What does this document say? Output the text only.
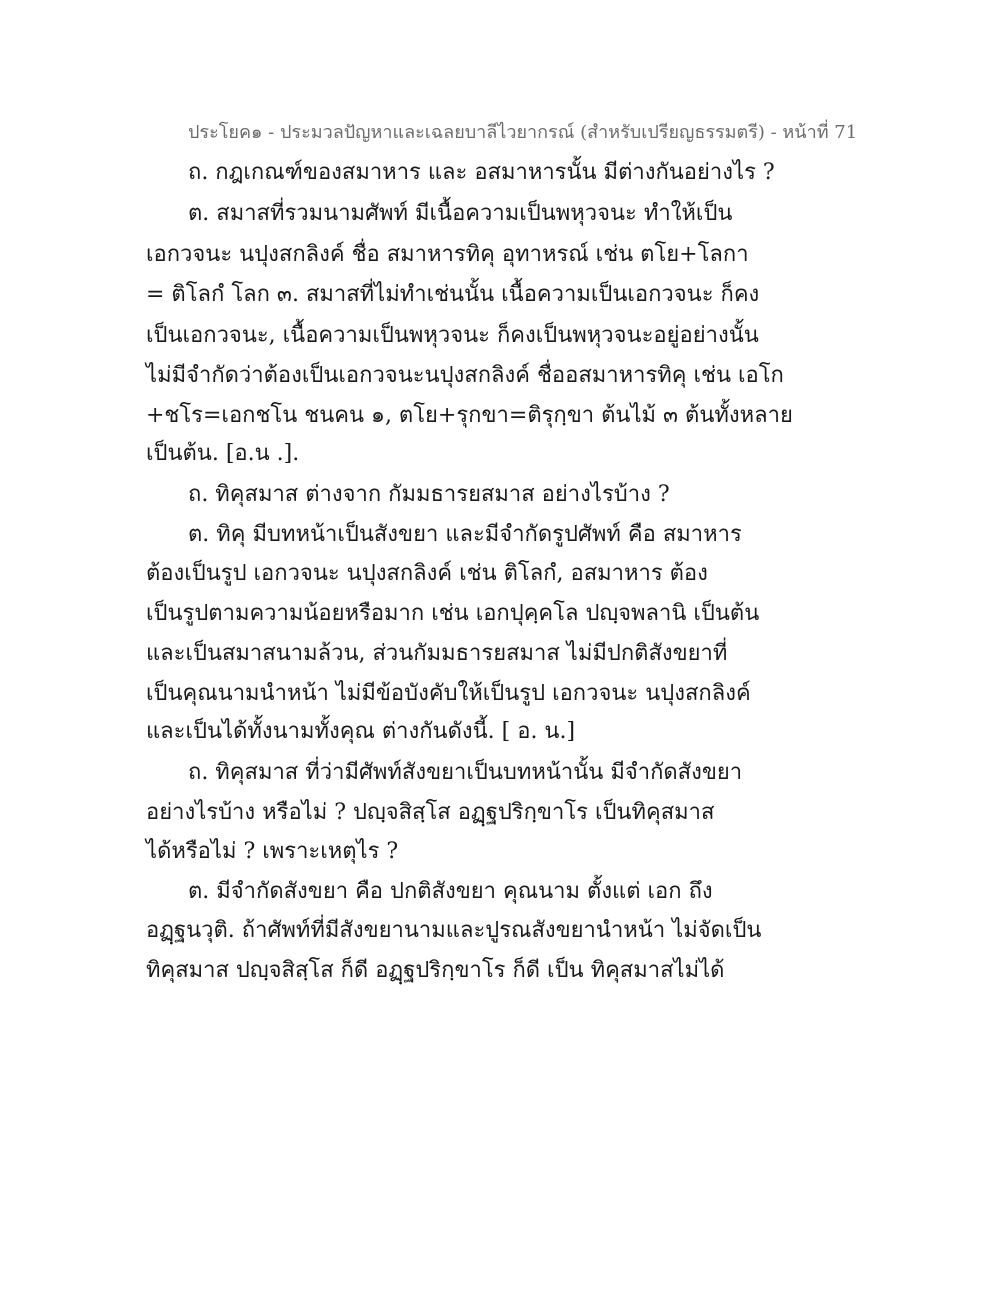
ประโยค๑ - ประมวลปัญหาและเฉลยบาลีไวยากรณ์ (สำหรับเปรียญธรรมตรี) - หน้าที่ 71
ถ. กฎเกณฑ์ของสมาหาร และ อสมาหารนั้น มีต่างกันอย่างไร ?
ต. สมาสที่รวมนามศัพท์ มีเนื้อความเป็นพหุวจนะ ทำให้เป็น
เอกวจนะ นปุงสกลิงค์ ชื่อ สมาหารทิคุ อุทาหรณ์ เช่น ตโย+โลกา
= ติโลกํ โลก ๓. สมาสที่ไม่ทำเช่นนั้น เนื้อความเป็นเอกวจนะ ก็คง
เป็นเอกวจนะ, เนื้อความเป็นพหุวจนะ ก็คงเป็นพหุวจนะอยู่อย่างนั้น
ไม่มีจำกัดว่าต้องเป็นเอกวจนะนปุงสกลิงค์ ชื่ออสมาหารทิคุ เช่น เอโก
+ชโร=เอกชโน ชนคน ๑, ตโย+รุกขา=ติรุกฺขา ต้นไม้ ๓ ต้นทั้งหลาย
เป็นต้น. [อ.น .].
ถ. ทิคุสมาส ต่างจาก กัมมธารยสมาส อย่างไรบ้าง ?
ต. ทิคุ มีบทหน้าเป็นสังขยา และมีจำกัดรูปศัพท์ คือ สมาหาร
ต้องเป็นรูป เอกวจนะ นปุงสกลิงค์ เช่น ติโลกํ, อสมาหาร ต้อง
เป็นรูปตามความน้อยหรือมาก เช่น เอกปุคฺคโล ปญฺจพลานิ เป็นต้น
และเป็นสมาสนามล้วน, ส่วนกัมมธารยสมาส ไม่มีปกติสังขยาที่
เป็นคุณนามนำหน้า ไม่มีข้อบังคับให้เป็นรูป เอกวจนะ นปุงสกลิงค์
และเป็นได้ทั้งนามทั้งคุณ ต่างกันดังนี้. [ อ. น.]
ถ. ทิคุสมาส ที่ว่ามีศัพท์สังขยาเป็นบทหน้านั้น มีจำกัดสังขยา
อย่างไรบ้าง หรือไม่ ? ปญฺจสิสฺโส อฏฺฐปริกฺขาโร เป็นทิคุสมาส
ได้หรือไม่ ? เพราะเหตุไร ?
ต. มีจำกัดสังขยา คือ ปกติสังขยา คุณนาม ตั้งแต่ เอก ถึง
อฏฺฐนวุติ. ถ้าศัพท์ที่มีสังขยานามและปูรณสังขยานำหน้า ไม่จัดเป็น
ทิคุสมาส ปญฺจสิสฺโส ก็ดี อฏฺฐปริกฺขาโร ก็ดี เป็น ทิคุสมาสไม่ได้
